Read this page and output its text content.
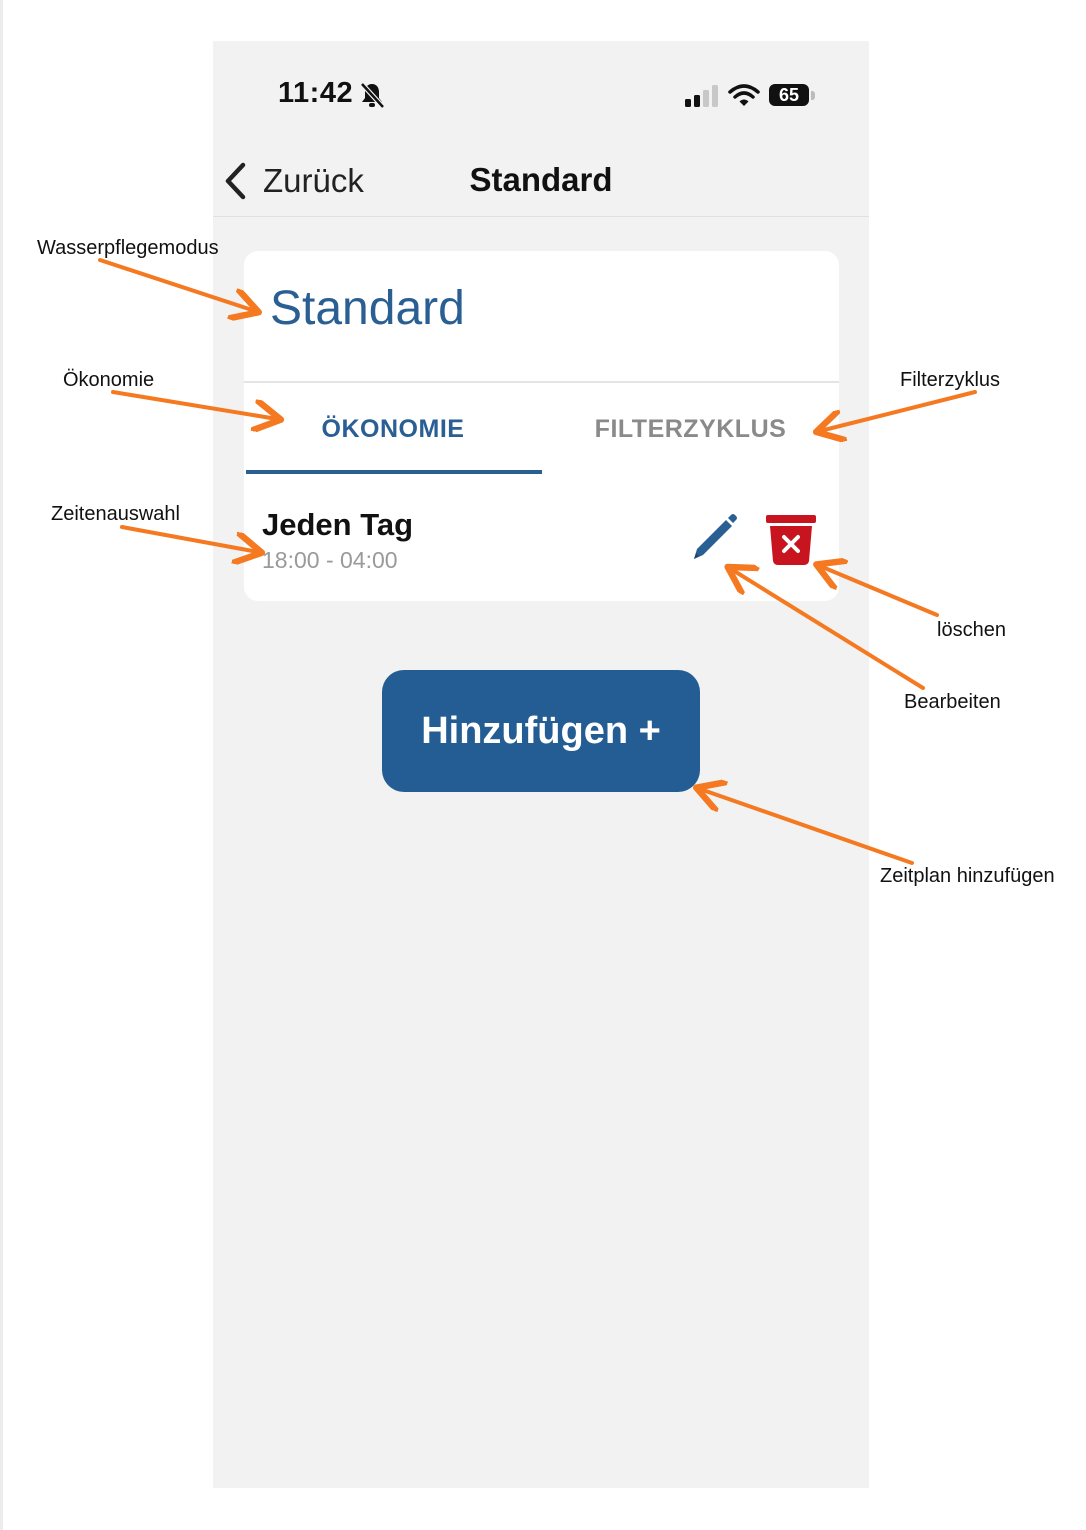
11:42	65
Standard
Zurück
Standard
ÖKONOMIE	FILTERZYKLUS
Jeden Tag
18:00 - 04:00
Hinzufügen +
Wasserpflegemodus
Ökonomie	Filterzyklus
Zeitenauswahl
löschen
Bearbeiten
Zeitplan hinzufügen
